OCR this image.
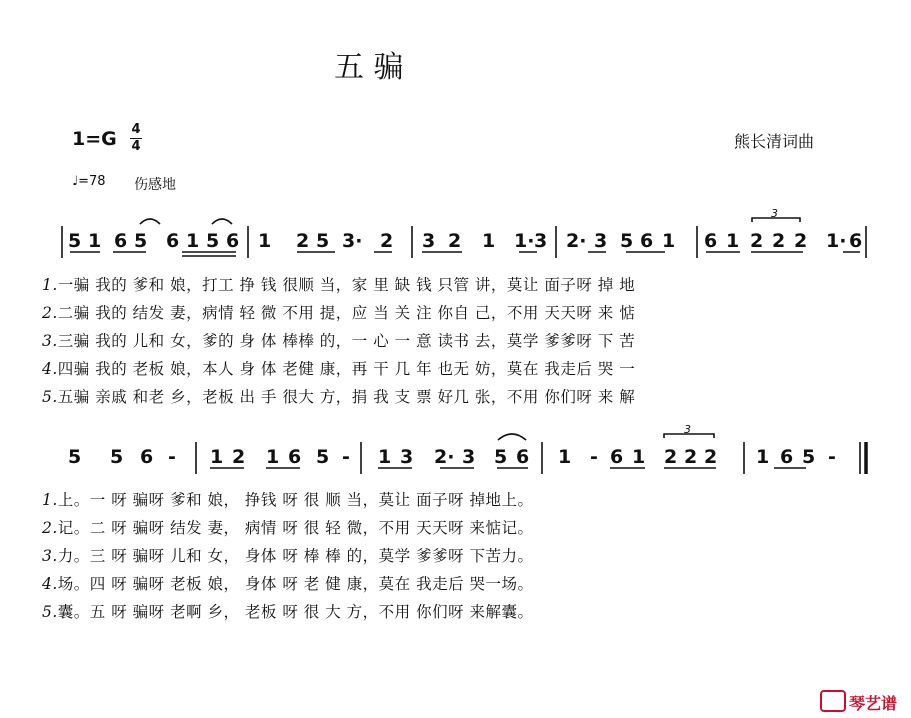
五 骗
1=G 4
4	熊长清词曲
♩=78 伤感地
5 1 6 5 6 1 5 6 1 2 5 3· 2 3 2 1 1· 3 2· 3 5 6 1 6 1 2 2 2 1· 6
5 5 6 - 1 2 1 6 5 - 1 3 2· 3 5 6 1 - 6 1 2 2 2 1 6 5 -
3
3
1.一骗 我的 爹和 娘，打工 挣 钱 很顺 当，家 里 缺 钱 只管 讲，莫让 面子呀 掉 地
2.二骗 我的 结发 妻，病情 轻 微 不用 提，应 当 关 注 你自 己，不用 天天呀 来 惦
3.三骗 我的 儿和 女，爹的 身 体 棒棒 的，一 心 一 意 读书 去，莫学 爹爹呀 下 苦
4.四骗 我的 老板 娘，本人 身 体 老健 康，再 干 几 年 也无 妨，莫在 我走后 哭 一
5.五骗 亲戚 和老 乡，老板 出 手 很大 方，捐 我 支 票 好几 张，不用 你们呀 来 解
1.上。一 呀 骗呀 爹和 娘， 挣钱 呀 很 顺 当，莫让 面子呀 掉地上。
2.记。二 呀 骗呀 结发 妻， 病情 呀 很 轻 微，不用 天天呀 来惦记。
3.力。三 呀 骗呀 儿和 女， 身体 呀 棒 棒 的，莫学 爹爹呀 下苦力。
4.场。四 呀 骗呀 老板 娘， 身体 呀 老 健 康，莫在 我走后 哭一场。
5.囊。五 呀 骗呀 老啊 乡， 老板 呀 很 大 方，不用 你们呀 来解囊。
琴艺谱
